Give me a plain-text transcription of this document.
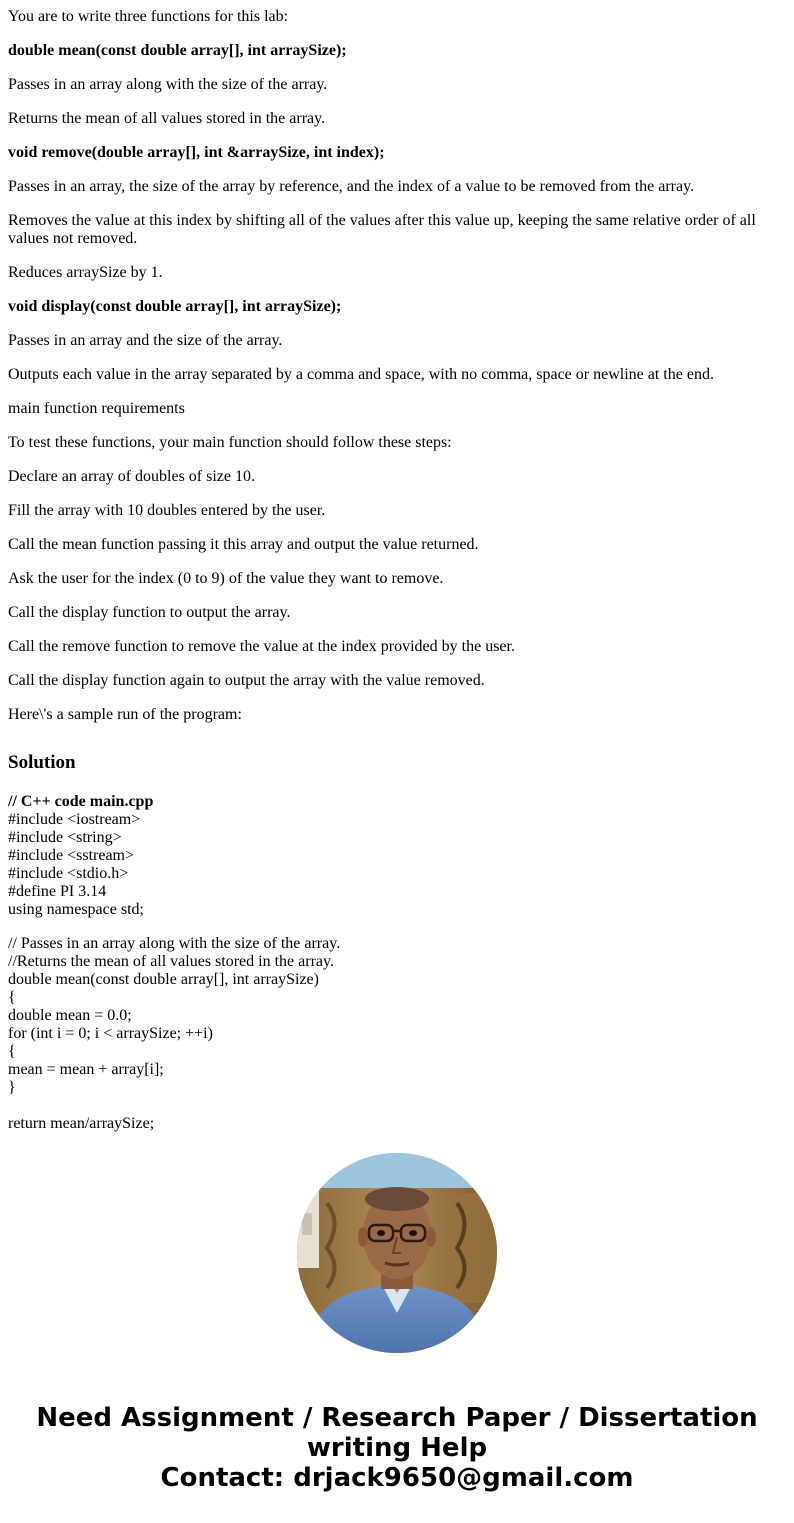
You are to write three functions for this lab:

double mean(const double array[], int arraySize);

Passes in an array along with the size of the array.

Returns the mean of all values stored in the array.

void remove(double array[], int &arraySize, int index);

Passes in an array, the size of the array by reference, and the index of a value to be removed from the array.

Removes the value at this index by shifting all of the values after this value up, keeping the same relative order of all values not removed.

Reduces arraySize by 1.

void display(const double array[], int arraySize);

Passes in an array and the size of the array.

Outputs each value in the array separated by a comma and space, with no comma, space or newline at the end.

main function requirements

To test these functions, your main function should follow these steps:

Declare an array of doubles of size 10.

Fill the array with 10 doubles entered by the user.

Call the mean function passing it this array and output the value returned.

Ask the user for the index (0 to 9) of the value they want to remove.

Call the display function to output the array.

Call the remove function to remove the value at the index provided by the user.

Call the display function again to output the array with the value removed.

Here\'s a sample run of the program:

Solution
// C++ code main.cpp
#include <iostream>
#include <string>
#include <sstream>
#include <stdio.h>
#define PI 3.14
using namespace std;
// Passes in an array along with the size of the array.
//Returns the mean of all values stored in the array.
double mean(const double array[], int arraySize)
{
double mean = 0.0;
for (int i = 0; i < arraySize; ++i)
{
mean = mean + array[i];
}
return mean/arraySize;
Need Assignment / Research Paper / Dissertation
writing Help
Contact: drjack9650@gmail.com
